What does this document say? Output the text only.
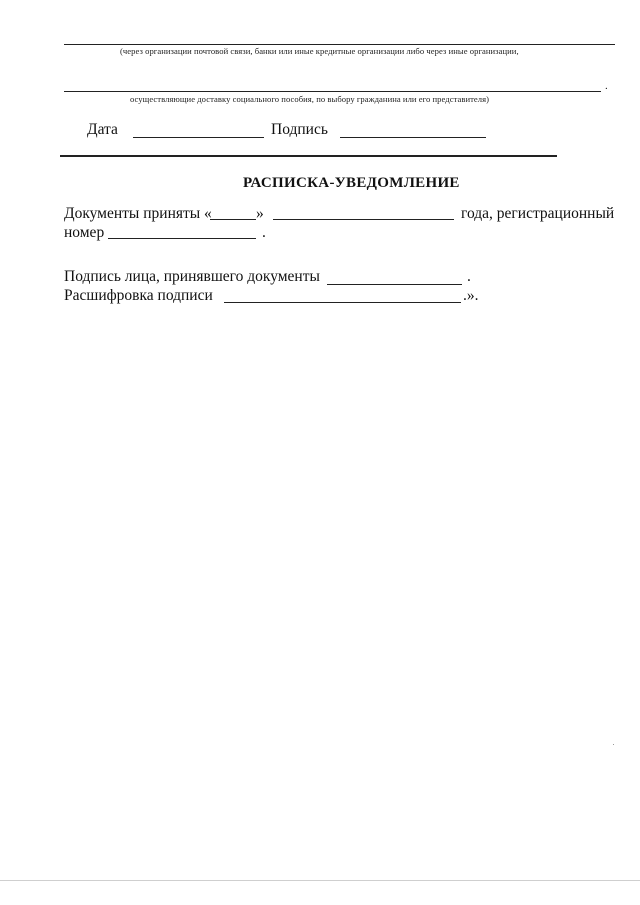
(через организации почтовой связи, банки или иные кредитные организации либо через иные организации,
.
осуществляющие доставку социального пособия, по выбору гражданина или его представителя)
Дата	Подпись
РАСПИСКА-УВЕДОМЛЕНИЕ
Документы приняты «	»	года, регистрационный
номер	.
Подпись лица, принявшего документы	.
Расшифровка подписи	.».
